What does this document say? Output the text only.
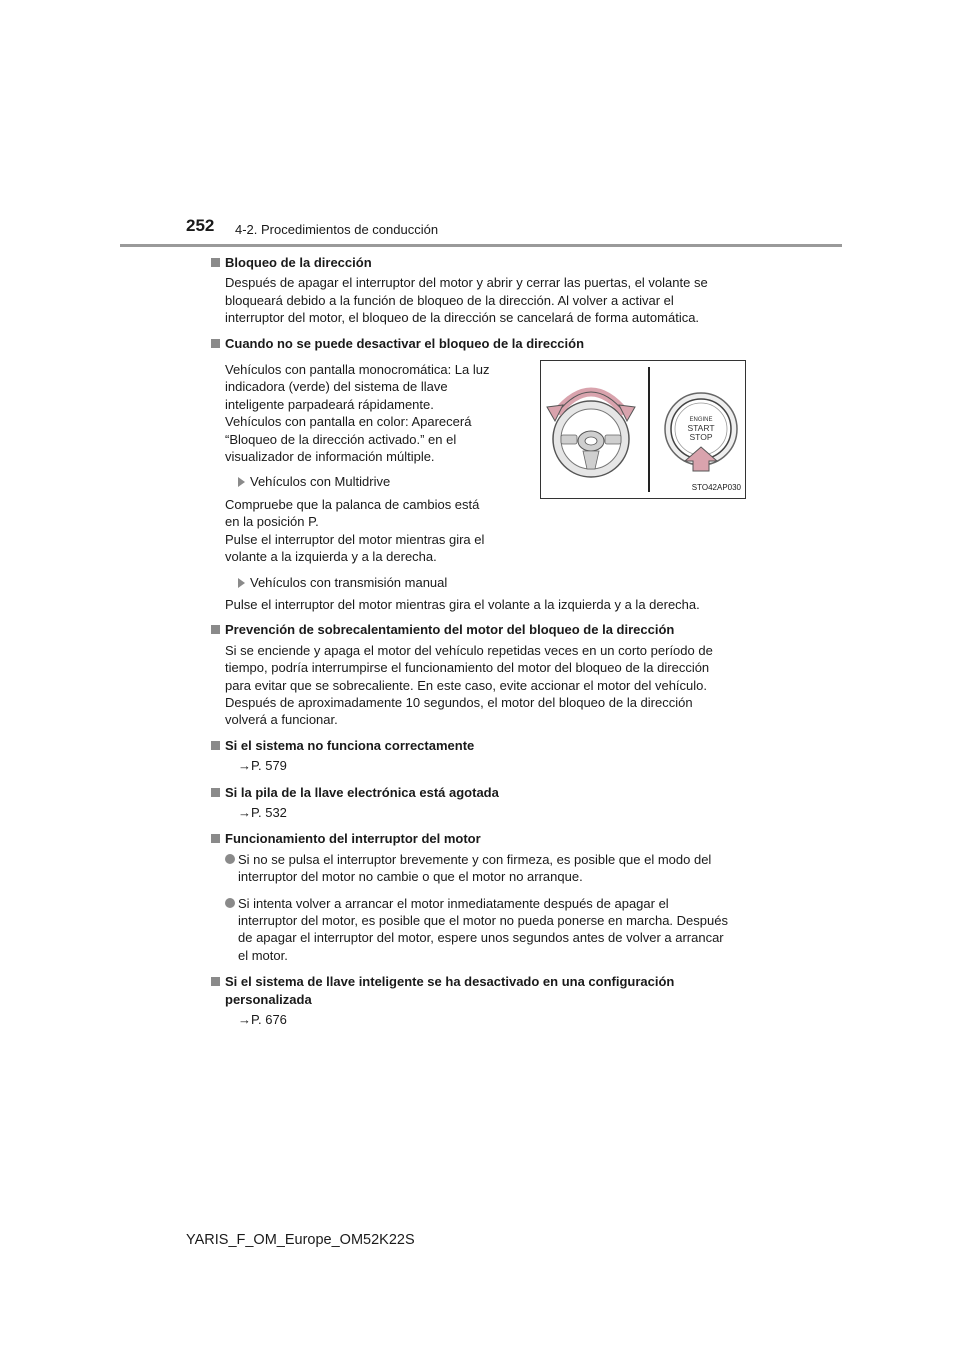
252 4-2. Procedimientos de conducción
Bloqueo de la dirección
Después de apagar el interruptor del motor y abrir y cerrar las puertas, el volante se
bloqueará debido a la función de bloqueo de la dirección. Al volver a activar el
interruptor del motor, el bloqueo de la dirección se cancelará de forma automática.
Cuando no se puede desactivar el bloqueo de la dirección
Vehículos con pantalla monocromática: La luz
indicadora (verde) del sistema de llave
inteligente parpadeará rápidamente.
Vehículos con pantalla en color: Aparecerá
“Bloqueo de la dirección activado.” en el
visualizador de información múltiple.
Vehículos con Multidrive
Compruebe que la palanca de cambios está
en la posición P.
Pulse el interruptor del motor mientras gira el
volante a la izquierda y a la derecha.
ENGINE
START
STOP
STO42AP030
Vehículos con transmisión manual
Pulse el interruptor del motor mientras gira el volante a la izquierda y a la derecha.
Prevención de sobrecalentamiento del motor del bloqueo de la dirección
Si se enciende y apaga el motor del vehículo repetidas veces en un corto período de
tiempo, podría interrumpirse el funcionamiento del motor del bloqueo de la dirección
para evitar que se sobrecaliente. En este caso, evite accionar el motor del vehículo.
Después de aproximadamente 10 segundos, el motor del bloqueo de la dirección
volverá a funcionar.
Si el sistema no funciona correctamente
→P. 579
Si la pila de la llave electrónica está agotada
→P. 532
Funcionamiento del interruptor del motor
Si no se pulsa el interruptor brevemente y con firmeza, es posible que el modo del
interruptor del motor no cambie o que el motor no arranque.
Si intenta volver a arrancar el motor inmediatamente después de apagar el
interruptor del motor, es posible que el motor no pueda ponerse en marcha. Después
de apagar el interruptor del motor, espere unos segundos antes de volver a arrancar
el motor.
Si el sistema de llave inteligente se ha desactivado en una configuración
personalizada
→P. 676
YARIS_F_OM_Europe_OM52K22S
